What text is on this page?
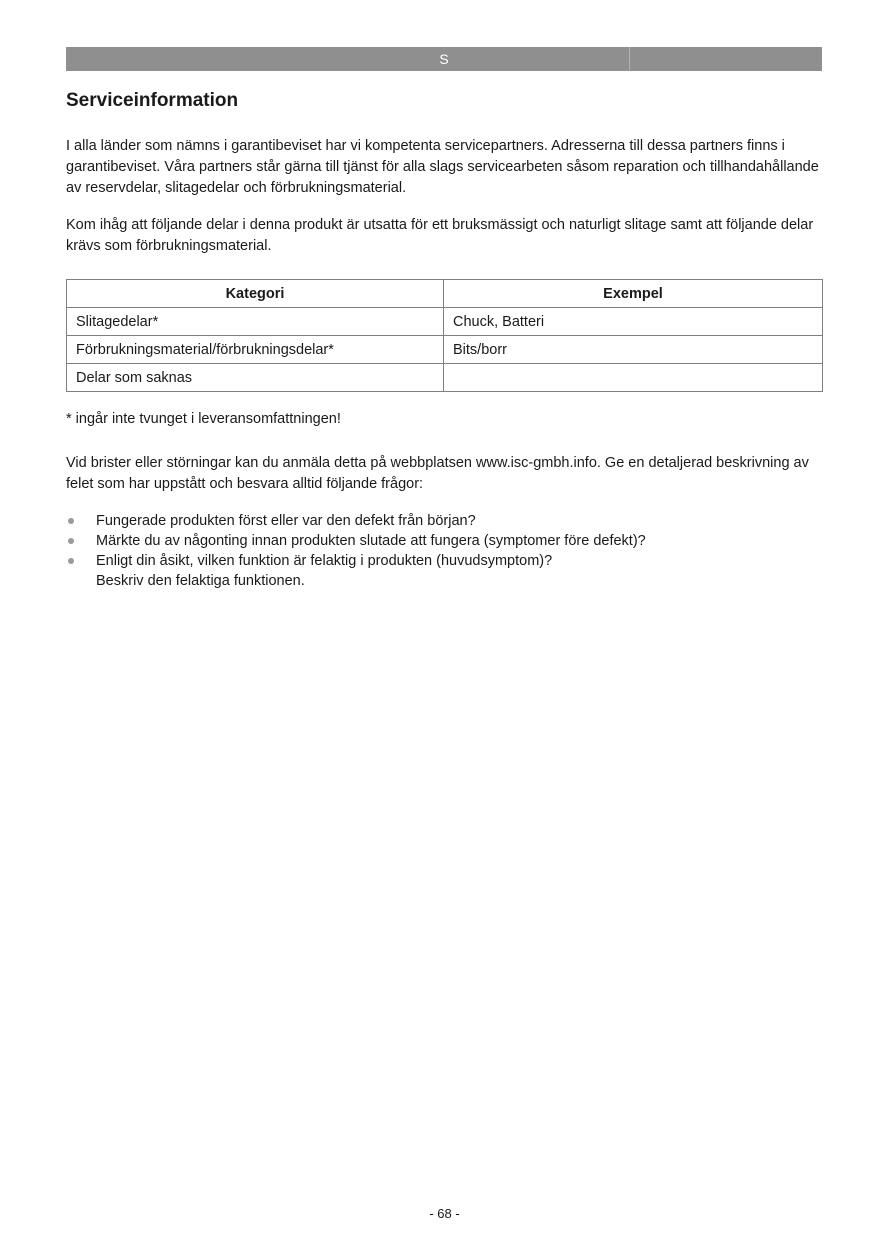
S
Serviceinformation

I alla länder som nämns i garantibeviset har vi kompetenta servicepartners. Adresserna till dessa partners finns i garantibeviset. Våra partners står gärna till tjänst för alla slags servicearbeten såsom reparation och tillhandahållande av reservdelar, slitagedelar och förbrukningsmaterial.

Kom ihåg att följande delar i denna produkt är utsatta för ett bruksmässigt och naturligt slitage samt att följande delar krävs som förbrukningsmaterial.

Kategori	Exempel
Slitagedelar*	Chuck, Batteri
Förbrukningsmaterial/förbrukningsdelar*	Bits/borr
Delar som saknas	

* ingår inte tvunget i leveransomfattningen!

Vid brister eller störningar kan du anmäla detta på webbplatsen www.isc-gmbh.info. Ge en detaljerad beskrivning av felet som har uppstått och besvara alltid följande frågor:

Fungerade produkten först eller var den defekt från början?
Märkte du av någonting innan produkten slutade att fungera (symptomer före defekt)?
Enligt din åsikt, vilken funktion är felaktig i produkten (huvudsymptom)?
Beskriv den felaktiga funktionen.
- 68 -
